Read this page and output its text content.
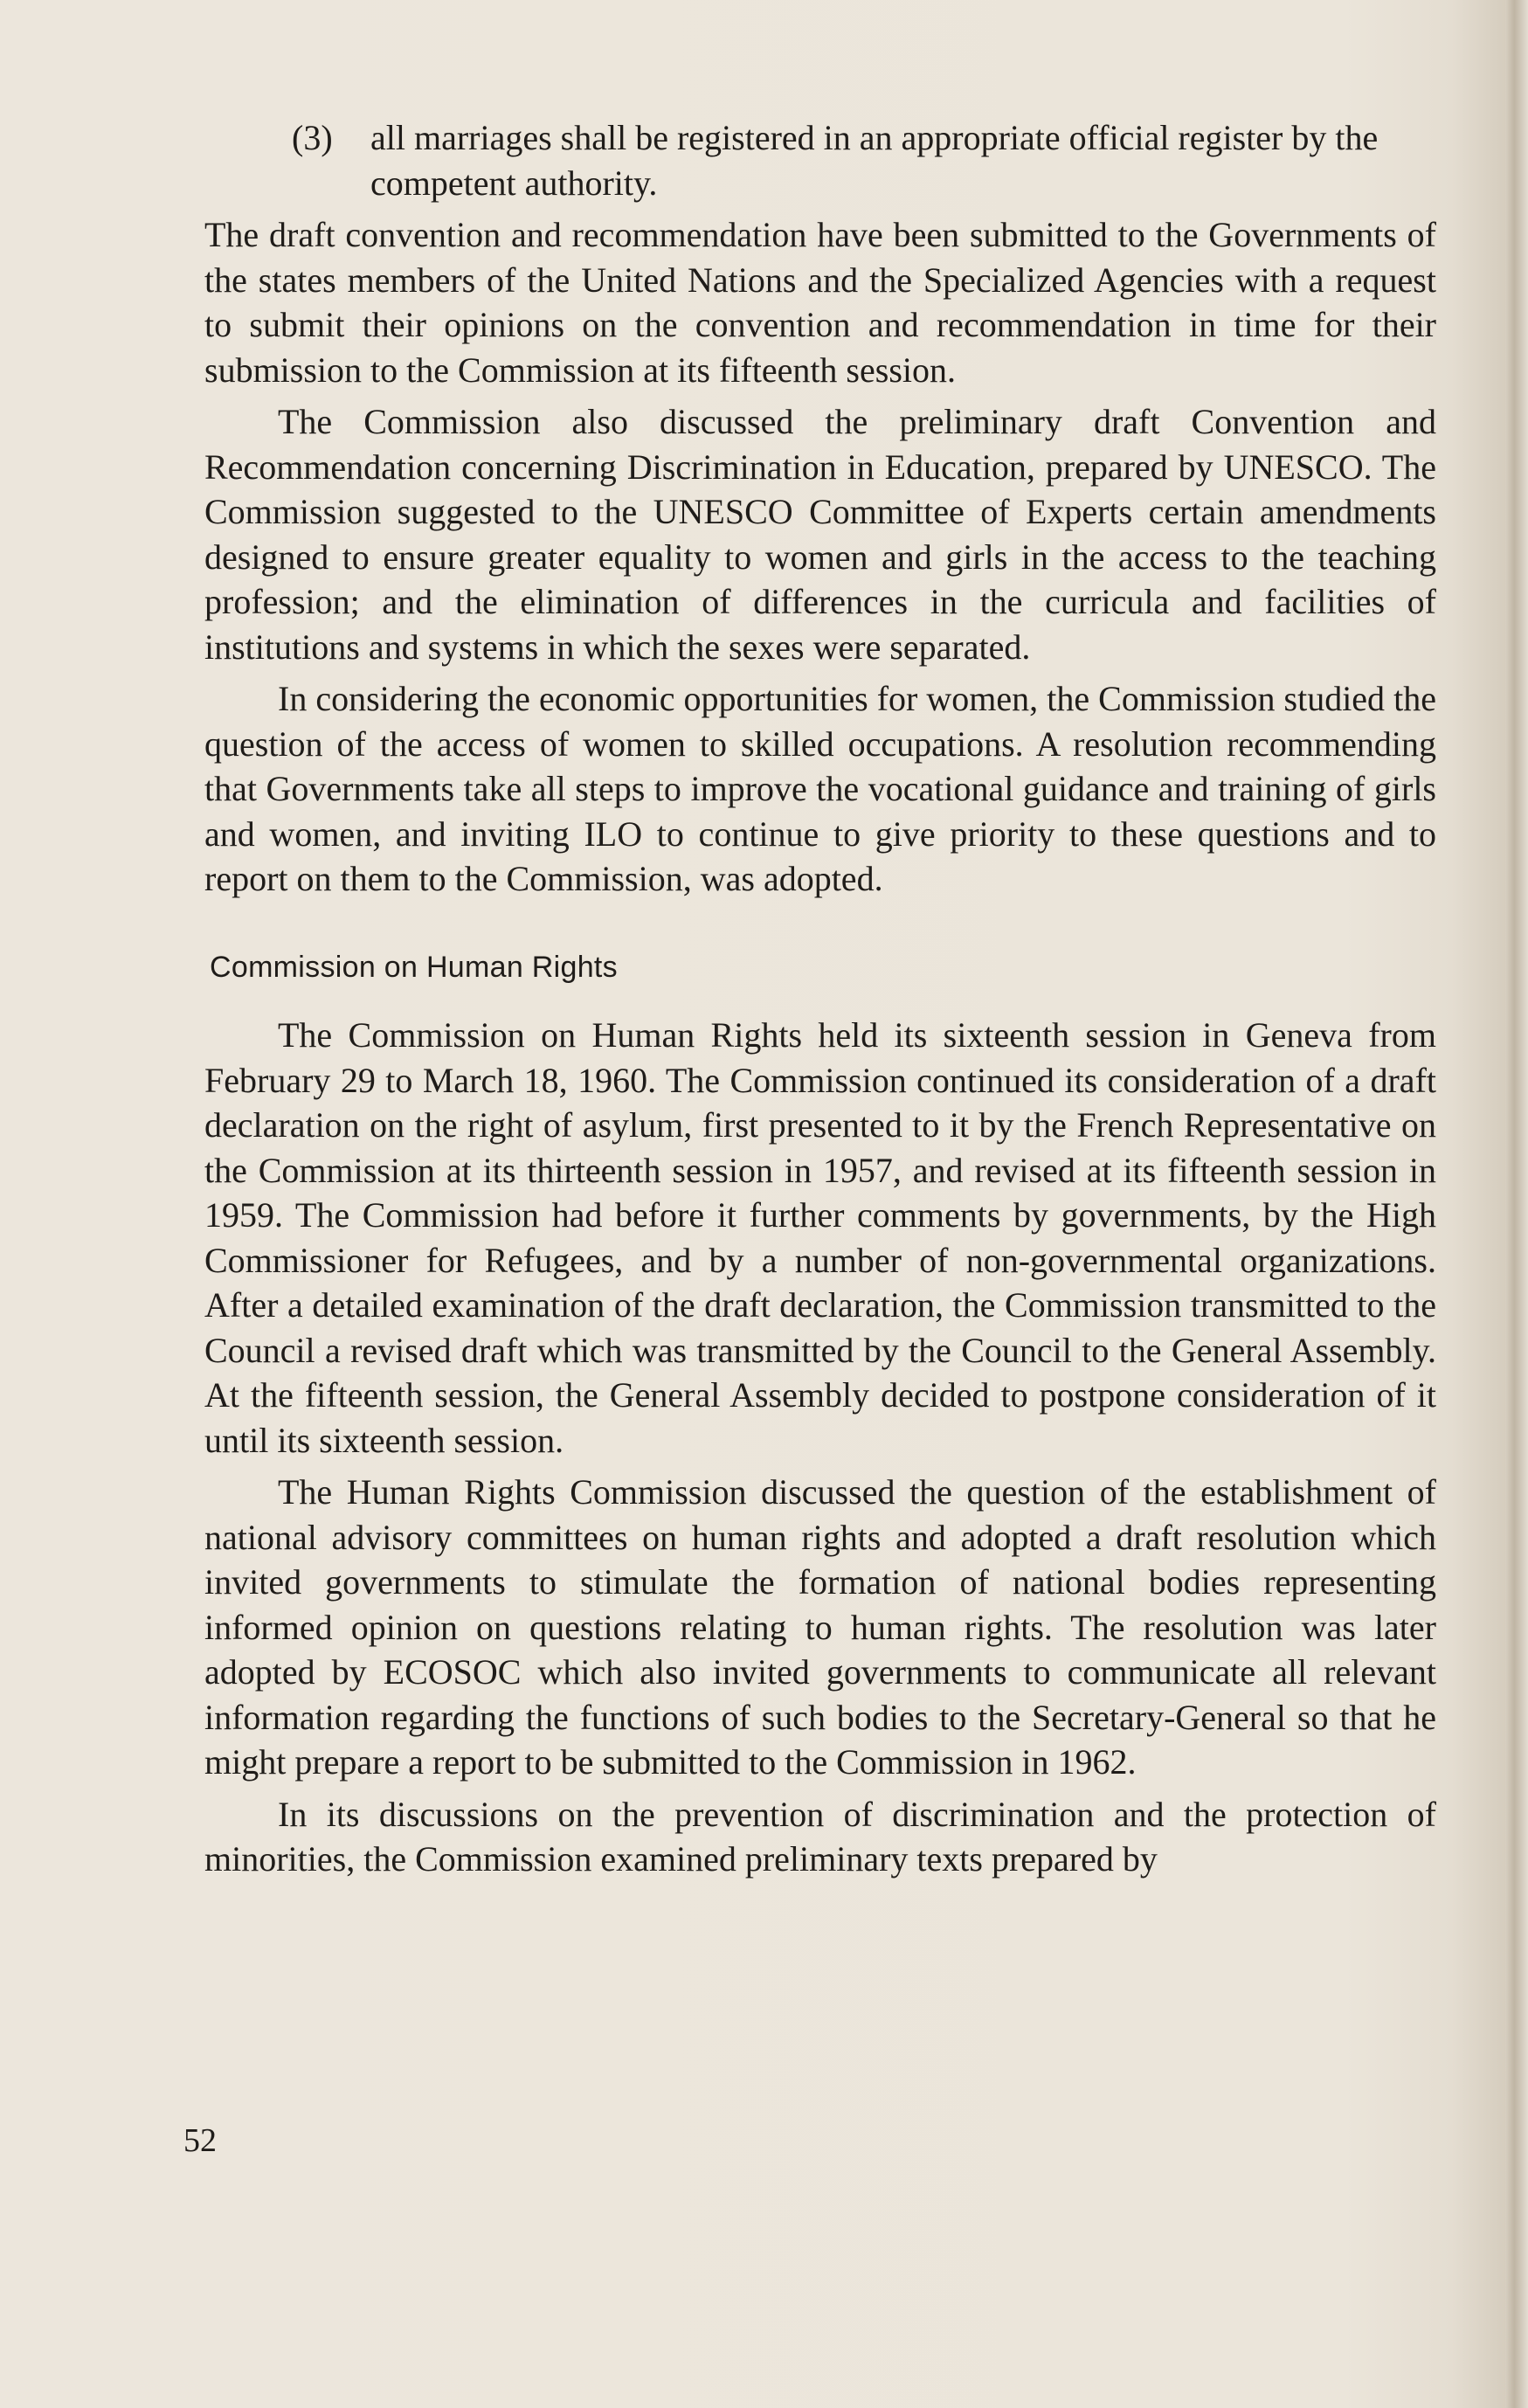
(3)	all marriages shall be registered in an appropriate official register by the competent authority.

The draft convention and recommendation have been submitted to the Governments of the states members of the United Nations and the Specialized Agencies with a request to submit their opinions on the convention and recommendation in time for their submission to the Commission at its fifteenth session.

The Commission also discussed the preliminary draft Convention and Recommendation concerning Discrimination in Education, prepared by UNESCO. The Commission suggested to the UNESCO Committee of Experts certain amendments designed to ensure greater equality to women and girls in the access to the teaching profession; and the elimination of differences in the curricula and facilities of institutions and systems in which the sexes were separated.

In considering the economic opportunities for women, the Commission studied the question of the access of women to skilled occupations. A resolution recommending that Governments take all steps to improve the vocational guidance and training of girls and women, and inviting ILO to continue to give priority to these questions and to report on them to the Commission, was adopted.

Commission on Human Rights

The Commission on Human Rights held its sixteenth session in Geneva from February 29 to March 18, 1960. The Commission continued its consideration of a draft declaration on the right of asylum, first presented to it by the French Representative on the Commission at its thirteenth session in 1957, and revised at its fifteenth session in 1959. The Commission had before it further comments by governments, by the High Commissioner for Refugees, and by a number of non-governmental organizations. After a detailed examination of the draft declaration, the Commission transmitted to the Council a revised draft which was transmitted by the Council to the General Assembly. At the fifteenth session, the General Assembly decided to postpone consideration of it until its sixteenth session.

The Human Rights Commission discussed the question of the establishment of national advisory committees on human rights and adopted a draft resolution which invited governments to stimulate the formation of national bodies representing informed opinion on questions relating to human rights. The resolution was later adopted by ECOSOC which also invited governments to communicate all relevant information regarding the functions of such bodies to the Secretary-General so that he might prepare a report to be submitted to the Commission in 1962.

In its discussions on the prevention of discrimination and the protection of minorities, the Commission examined preliminary texts prepared by

52
